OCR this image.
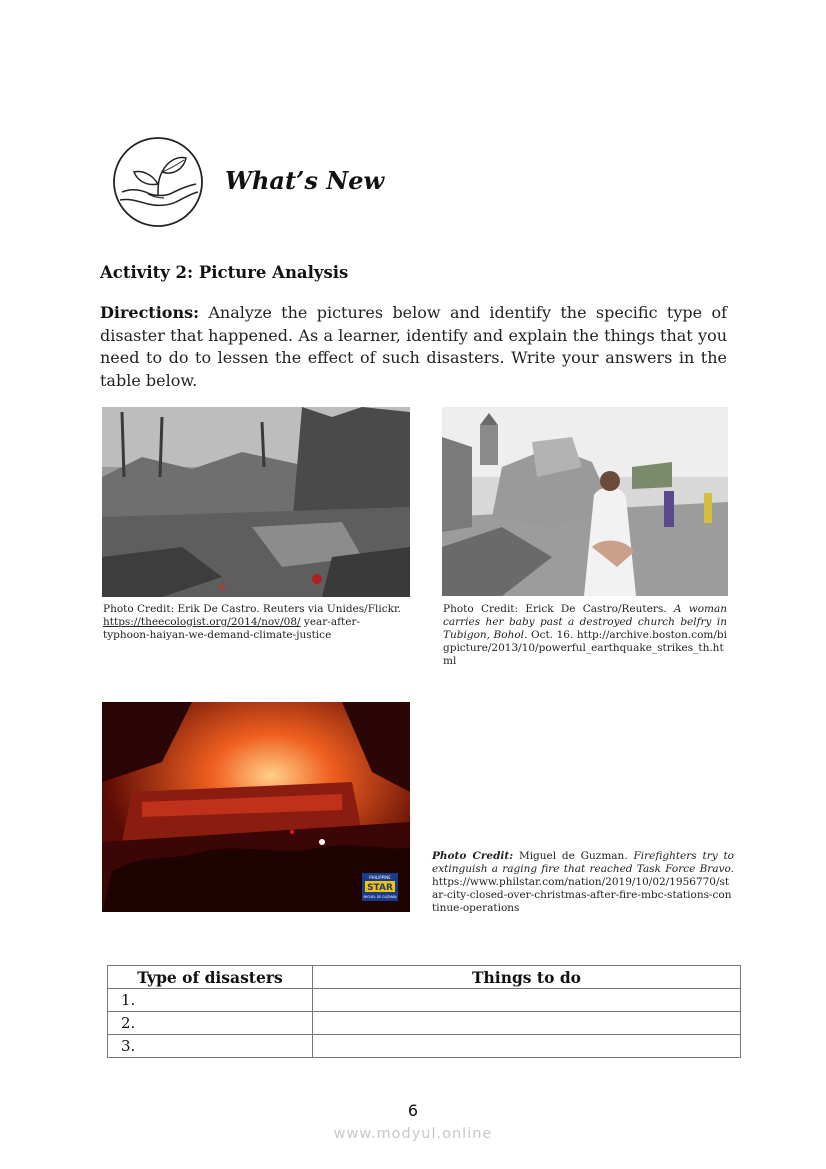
What’s New
Activity 2: Picture Analysis
Directions: Analyze the pictures below and identify the specific type of disaster that happened. As a learner, identify and explain the things that you need to do to lessen the effect of such disasters. Write your answers in the table below.
Photo Credit: Erik De Castro. Reuters via Unides/Flickr.
https://theecologist.org/2014/nov/08/ year-after-typhoon-haiyan-we-demand-climate-justice
Photo Credit: Erick De Castro/Reuters. A woman carries her baby past a destroyed church belfry in Tubigon, Bohol. Oct. 16. http://archive.boston.com/bigpicture/2013/10/powerful_earthquake_strikes_th.html
PHILIPPINE
STAR
MIGUEL DE GUZMAN
Photo Credit: Miguel de Guzman. Firefighters try to extinguish a raging fire that reached Task Force Bravo. https://www.philstar.com/nation/2019/10/02/1956770/star-city-closed-over-christmas-after-fire-mbc-stations-continue-operations
Type of disasters	Things to do
1.	
2.	
3.	
6
www.modyul.online
